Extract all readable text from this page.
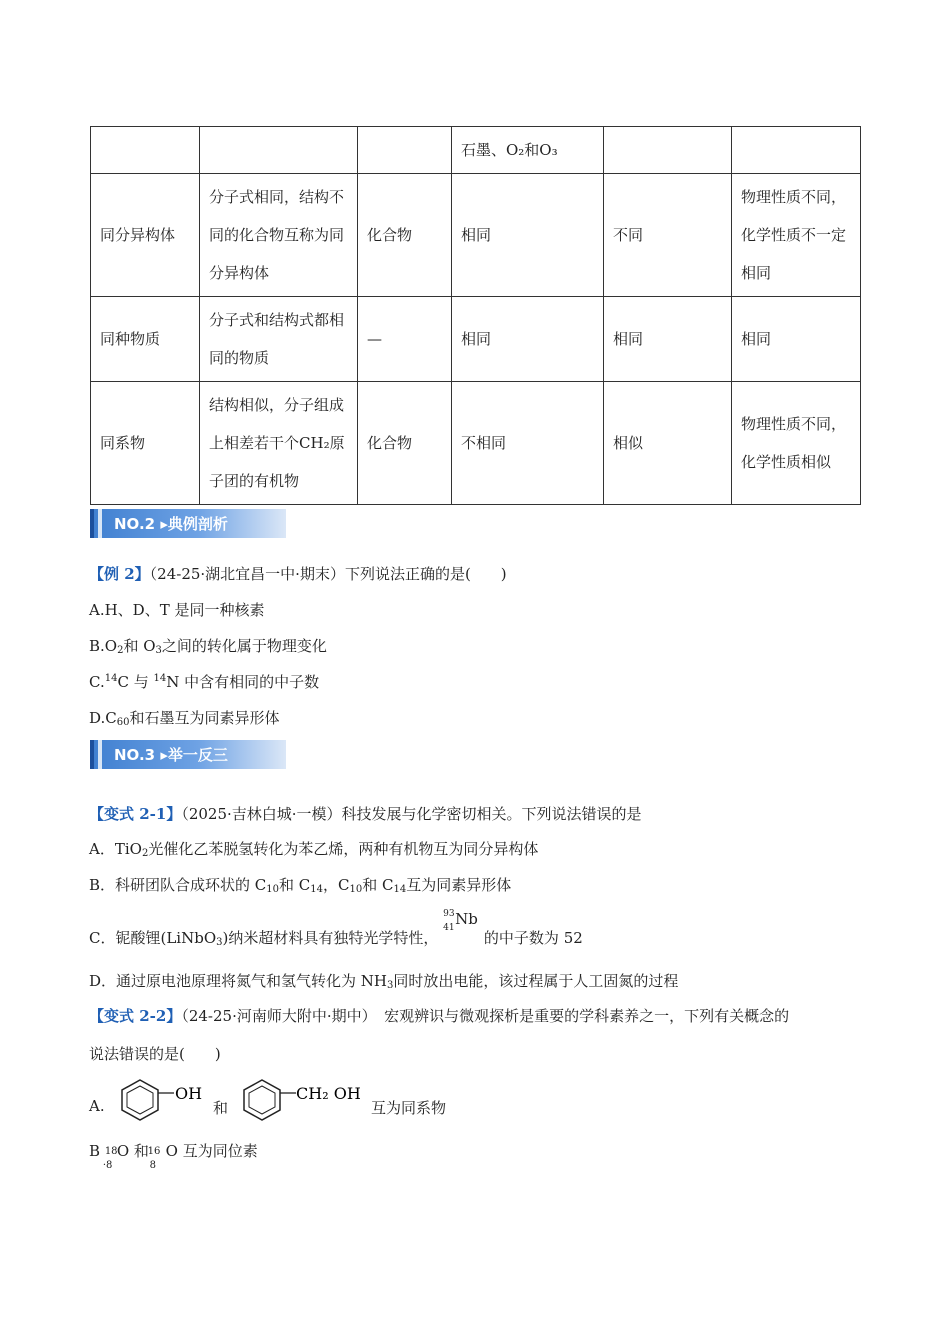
			石墨、O₂和O₃		
同分异构体	分子式相同，结构不同的化合物互称为同分异构体	化合物	相同	不同	物理性质不同，化学性质不一定相同
同种物质	分子式和结构式都相同的物质	—	相同	相同	相同
同系物	结构相似，分子组成上相差若干个CH₂原子团的有机物	化合物	不相同	相似	物理性质不同，化学性质相似
NO.2 ▸典例剖析
【例 2】（24-25·湖北宜昌一中·期末）下列说法正确的是(　　)
A.H、D、T 是同一种核素
$B.O_2$和 $O_3$之间的转化属于物理变化
C.$^{14}$C 与 $^{14}$N 中含有相同的中子数
$D.C_{60}$和石墨互为同素异形体
NO.3 ▸举一反三
【变式 2-1】（2025·吉林白城·一模）科技发展与化学密切相关。下列说法错误的是
A．TiO$_2$光催化乙苯脱氢转化为苯乙烯，两种有机物互为同分异构体
B．科研团队合成环状的 $C_{10}$和 $C_{14}$，$C_{10}$和 $C_{14}$互为同素异形体
C．铌酸锂(LiNbO$_3$)纳米超材料具有独特光学特性，
93
41 Nb
的中子数为 52
D．通过原电池原理将氮气和氢气转化为 $NH_3$同时放出电能，该过程属于人工固氮的过程
【变式 2-2】（24-25·河南师大附中·期中）　宏观辨识与微观探析是重要的学科素养之一，下列有关概念的
说法错误的是(　　)
A.
OH
和
CH₂ OH
互为同系物
B 18
·8
O 和
16
8
O 互为同位素
